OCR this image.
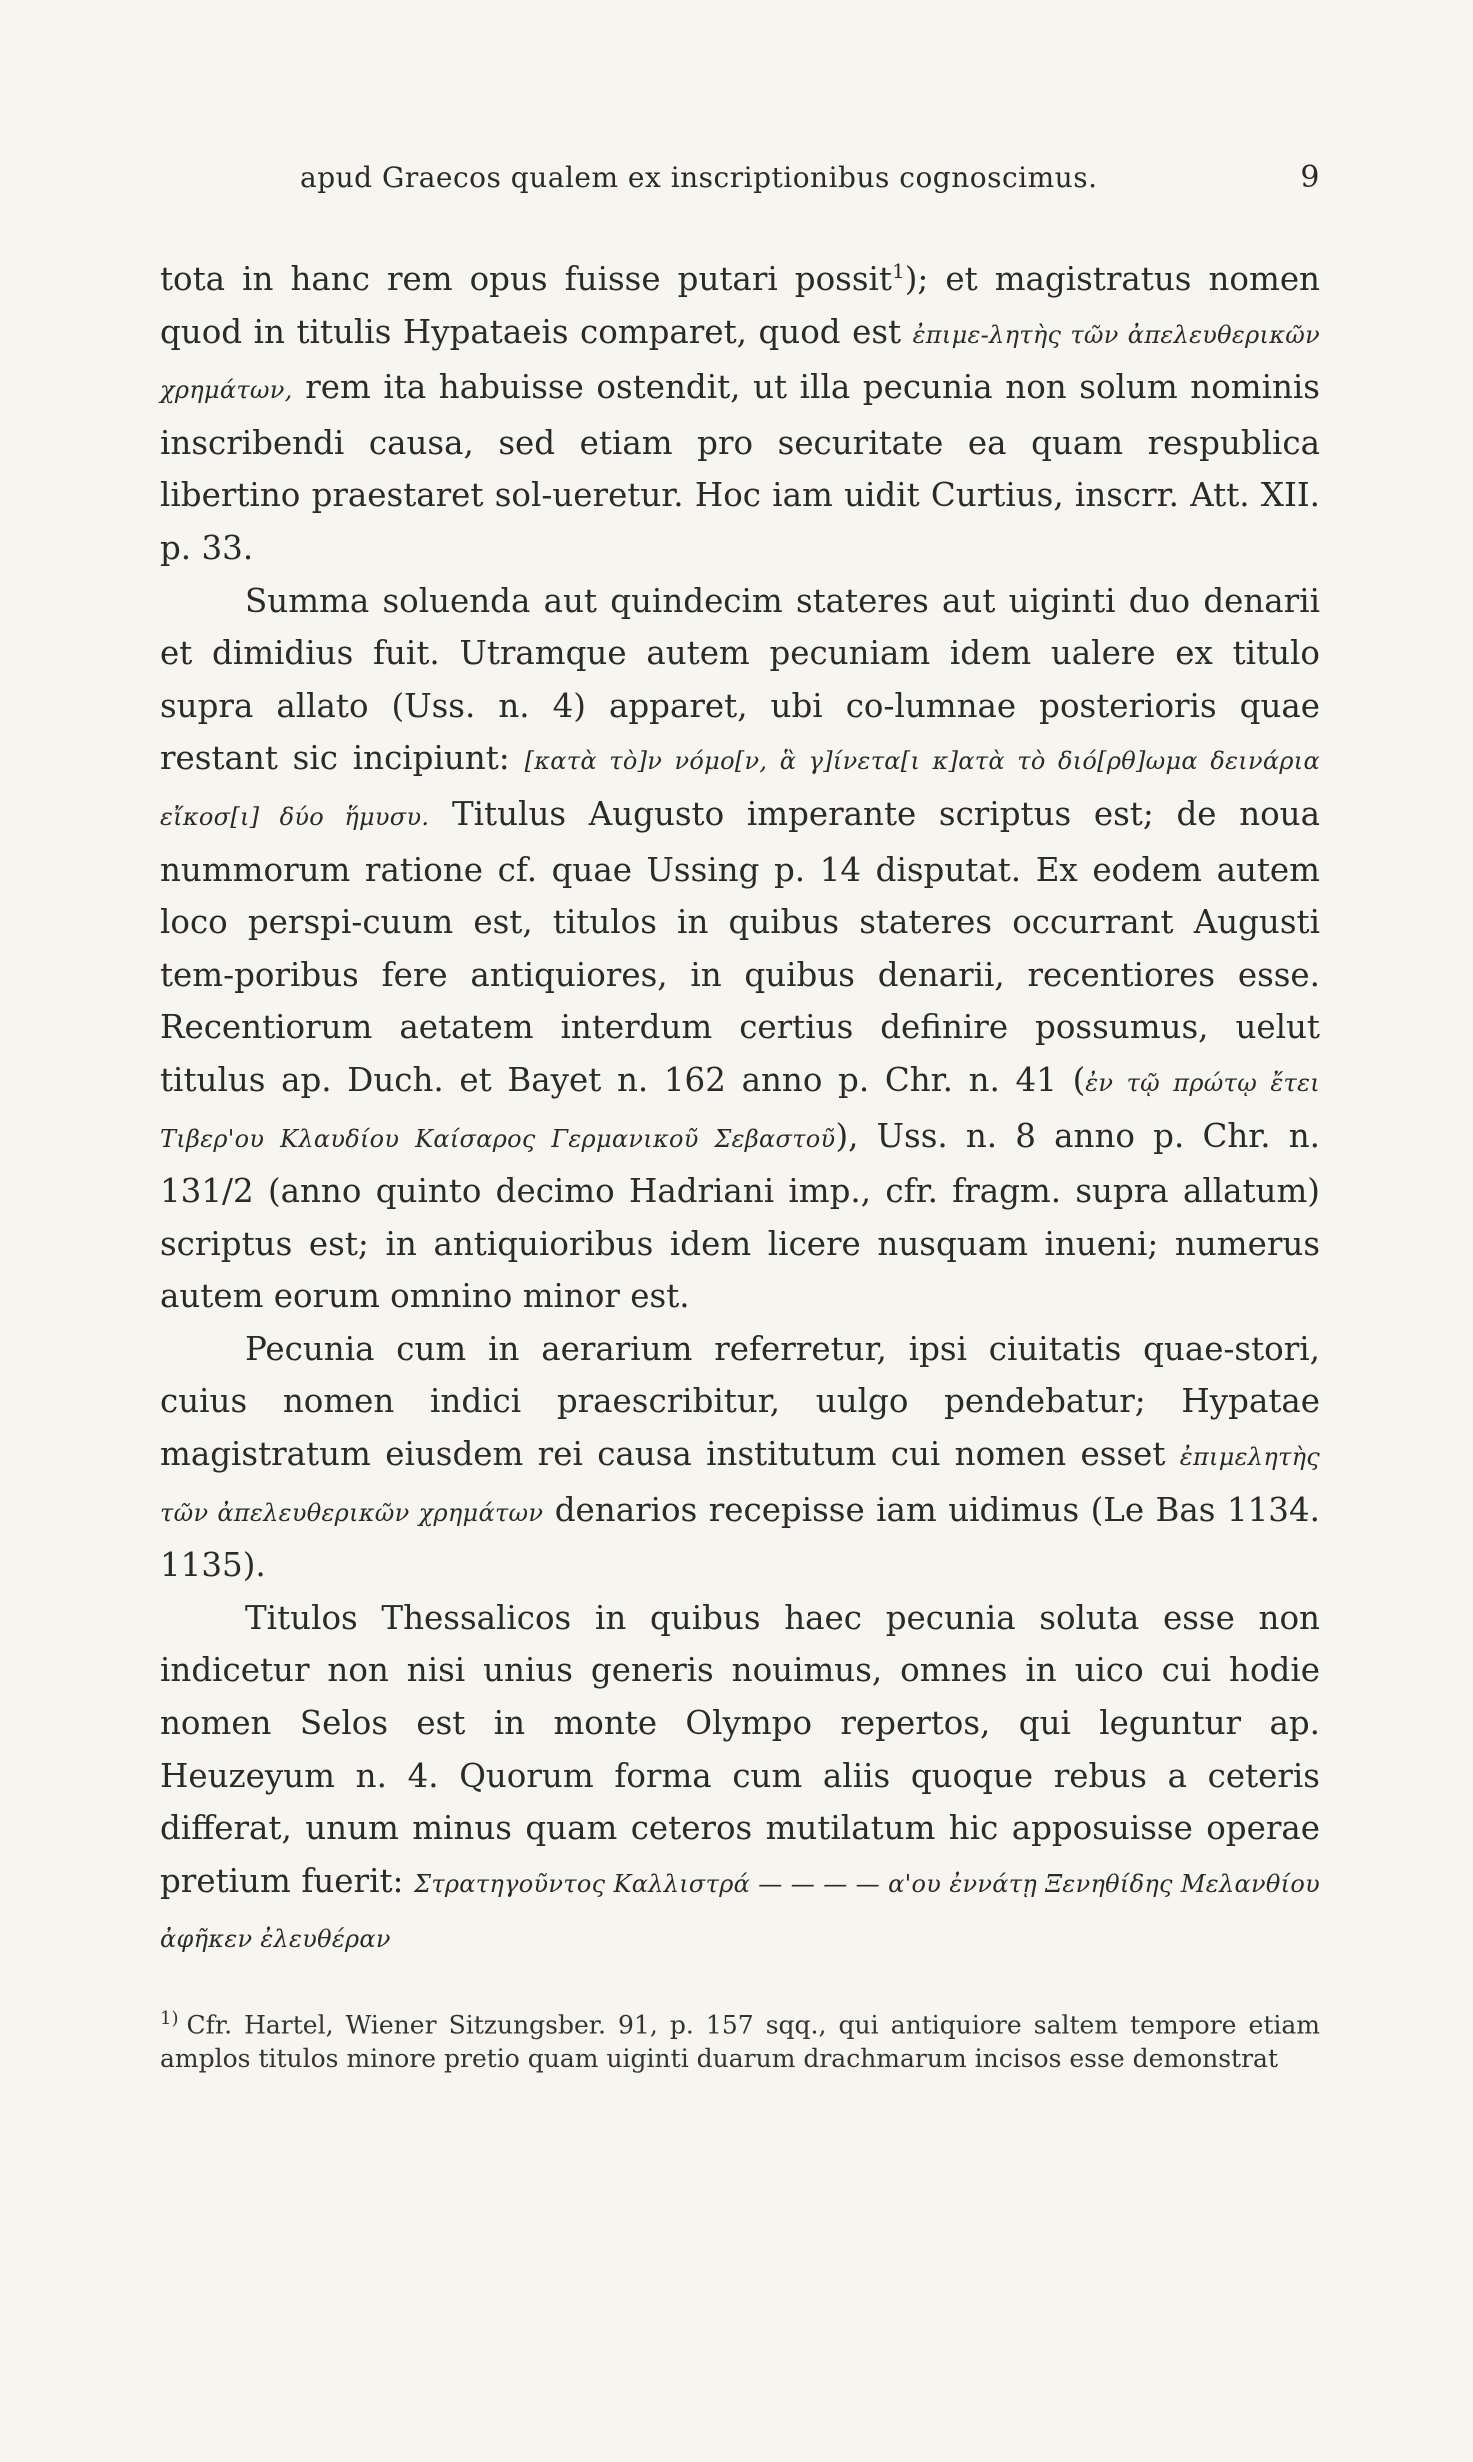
apud Graecos qualem ex inscriptionibus cognoscimus.	9

tota in hanc rem opus fuisse putari possit$^1$); et magistratus nomen quod in titulis Hypataeis comparet, quod est ἐπιμε-λητὴς τῶν ἀπελευθερικῶν χρημάτων, rem ita habuisse ostendit, ut illa pecunia non solum nominis inscribendi causa, sed etiam pro securitate ea quam respublica libertino praestaret sol-ueretur. Hoc iam uidit Curtius, inscrr. Att. XII. p. 33.

Summa soluenda aut quindecim stateres aut uiginti duo denarii et dimidius fuit. Utramque autem pecuniam idem ualere ex titulo supra allato (Uss. n. 4) apparet, ubi co-lumnae posterioris quae restant sic incipiunt: [κατὰ τὸ]ν νόμο[ν, ἃ γ]ίνετα[ι κ]ατὰ τὸ διό[ρθ]ωμα δεινάρια εἴκοσ[ι] δύο ἥμυσυ. Titulus Augusto imperante scriptus est; de noua nummorum ratione cf. quae Ussing p. 14 disputat. Ex eodem autem loco perspi-cuum est, titulos in quibus stateres occurrant Augusti tem-poribus fere antiquiores, in quibus denarii, recentiores esse. Recentiorum aetatem interdum certius definire possumus, uelut titulus ap. Duch. et Bayet n. 162 anno p. Chr. n. 41 (ἐν τῷ πρώτῳ ἔτει Τιβερ'ου Κλαυδίου Καίσαρος Γερμανικοῦ Σεβαστοῦ), Uss. n. 8 anno p. Chr. n. 131/2 (anno quinto decimo Hadriani imp., cfr. fragm. supra allatum) scriptus est; in antiquioribus idem licere nusquam inueni; numerus autem eorum omnino minor est.

Pecunia cum in aerarium referretur, ipsi ciuitatis quae-stori, cuius nomen indici praescribitur, uulgo pendebatur; Hypatae magistratum eiusdem rei causa institutum cui nomen esset ἐπιμελητὴς τῶν ἀπελευθερικῶν χρημάτων denarios recepisse iam uidimus (Le Bas 1134. 1135).

Titulos Thessalicos in quibus haec pecunia soluta esse non indicetur non nisi unius generis nouimus, omnes in uico cui hodie nomen Selos est in monte Olympo repertos, qui leguntur ap. Heuzeyum n. 4. Quorum forma cum aliis quoque rebus a ceteris differat, unum minus quam ceteros mutilatum hic apposuisse operae pretium fuerit: Στρατηγοῦντος Καλλιστρά — — — — α'ου ἐννάτῃ Ξενηθίδης Μελανθίου ἀφῆκεν ἐλευθέραν

$^{1)}$ Cfr. Hartel, Wiener Sitzungsber. 91, p. 157 sqq., qui antiquiore saltem tempore etiam amplos titulos minore pretio quam uiginti duarum drachmarum incisos esse demonstrat
